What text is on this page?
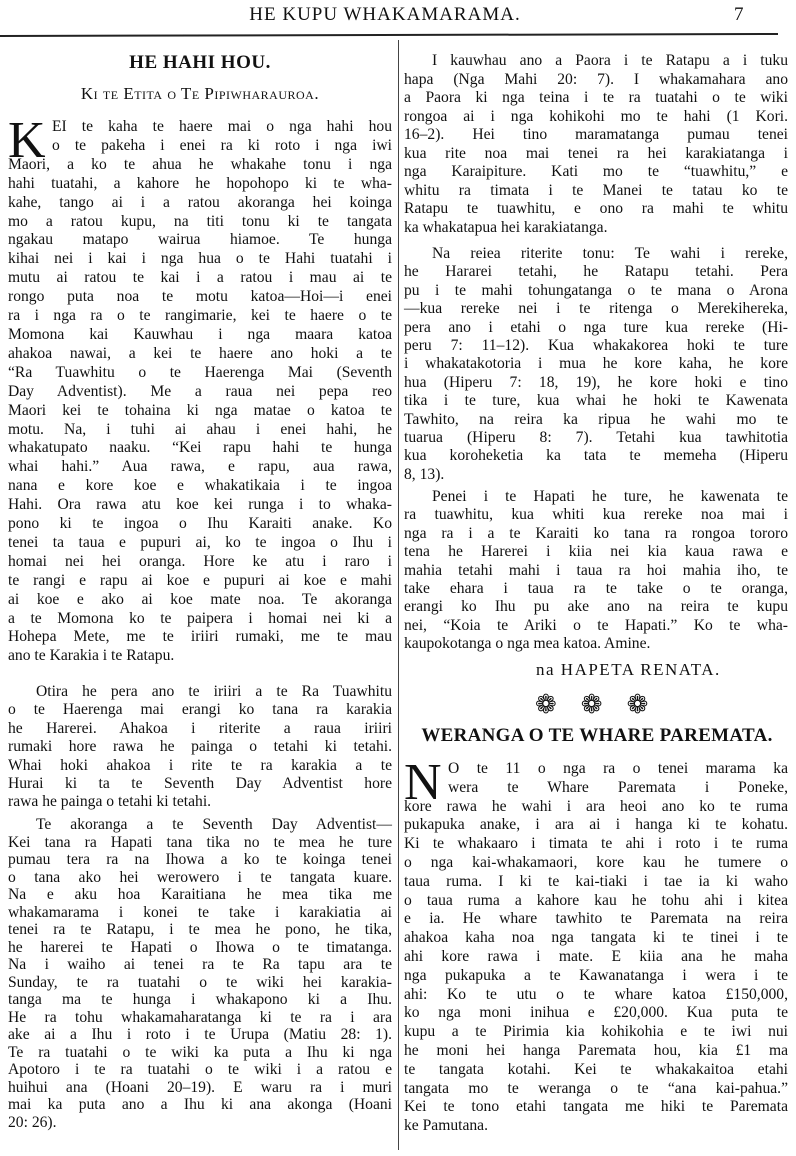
HE KUPU WHAKAMARAMA.	7
HE HAHI HOU.
Ki te Etita o Te Pipiwharauroa.
K EI te kaha te haere mai o nga hahi hou
o te pakeha i enei ra ki roto i nga iwi
Maori, a ko te ahua he whakahe tonu i nga
hahi tuatahi, a kahore he hopohopo ki te wha-
kahe, tango ai i a ratou akoranga hei koinga
mo a ratou kupu, na titi tonu ki te tangata
ngakau matapo wairua hiamoe. Te hunga
kihai nei i kai i nga hua o te Hahi tuatahi i
mutu ai ratou te kai i a ratou i mau ai te
rongo puta noa te motu katoa—Hoi—i enei
ra i nga ra o te rangimarie, kei te haere o te
Momona kai Kauwhau i nga maara katoa
ahakoa nawai, a kei te haere ano hoki a te
“Ra Tuawhitu o te Haerenga Mai (Seventh
Day Adventist). Me a raua nei pepa reo
Maori kei te tohaina ki nga matae o katoa te
motu. Na, i tuhi ai ahau i enei hahi, he
whakatupato naaku. “Kei rapu hahi te hunga
whai hahi.” Aua rawa, e rapu, aua rawa,
nana e kore koe e whakatikaia i te ingoa
Hahi. Ora rawa atu koe kei runga i to whaka-
pono ki te ingoa o Ihu Karaiti anake. Ko
tenei ta taua e pupuri ai, ko te ingoa o Ihu i
homai nei hei oranga. Hore ke atu i raro i
te rangi e rapu ai koe e pupuri ai koe e mahi
ai koe e ako ai koe mate noa. Te akoranga
a te Momona ko te paipera i homai nei ki a
Hohepa Mete, me te iriiri rumaki, me te mau
ano te Karakia i te Ratapu.
Otira he pera ano te iriiri a te Ra Tuawhitu
o te Haerenga mai erangi ko tana ra karakia
he Harerei. Ahakoa i riterite a raua iriiri
rumaki hore rawa he painga o tetahi ki tetahi.
Whai hoki ahakoa i rite te ra karakia a te
Hurai ki ta te Seventh Day Adventist hore
rawa he painga o tetahi ki tetahi.
Te akoranga a te Seventh Day Adventist—
Kei tana ra Hapati tana tika no te mea he ture
pumau tera ra na Ihowa a ko te koinga tenei
o tana ako hei werowero i te tangata kuare.
Na e aku hoa Karaitiana he mea tika me
whakamarama i konei te take i karakiatia ai
tenei ra te Ratapu, i te mea he pono, he tika,
he harerei te Hapati o Ihowa o te timatanga.
Na i waiho ai tenei ra te Ra tapu ara te
Sunday, te ra tuatahi o te wiki hei karakia-
tanga ma te hunga i whakapono ki a Ihu.
He ra tohu whakamaharatanga ki te ra i ara
ake ai a Ihu i roto i te Urupa (Matiu 28: 1).
Te ra tuatahi o te wiki ka puta a Ihu ki nga
Apotoro i te ra tuatahi o te wiki i a ratou e
huihui ana (Hoani 20–19). E waru ra i muri
mai ka puta ano a Ihu ki ana akonga (Hoani
20: 26).
I kauwhau ano a Paora i te Ratapu a i tuku
hapa (Nga Mahi 20: 7). I whakamahara ano
a Paora ki nga teina i te ra tuatahi o te wiki
rongoa ai i nga kohikohi mo te hahi (1 Kori.
16–2). Hei tino maramatanga pumau tenei
kua rite noa mai tenei ra hei karakiatanga i
nga Karaipiture. Kati mo te “tuawhitu,” e
whitu ra timata i te Manei te tatau ko te
Ratapu te tuawhitu, e ono ra mahi te whitu
ka whakatapua hei karakiatanga.
Na reiea riterite tonu: Te wahi i rereke,
he Hararei tetahi, he Ratapu tetahi. Pera
pu i te mahi tohungatanga o te mana o Arona
—kua rereke nei i te ritenga o Merekihereka,
pera ano i etahi o nga ture kua rereke (Hi-
peru 7: 11–12). Kua whakakorea hoki te ture
i whakatakotoria i mua he kore kaha, he kore
hua (Hiperu 7: 18, 19), he kore hoki e tino
tika i te ture, kua whai he hoki te Kawenata
Tawhito, na reira ka ripua he wahi mo te
tuarua (Hiperu 8: 7). Tetahi kua tawhitotia
kua koroheketia ka tata te memeha (Hiperu
8, 13).
Penei i te Hapati he ture, he kawenata te
ra tuawhitu, kua whiti kua rereke noa mai i
nga ra i a te Karaiti ko tana ra rongoa tororo
tena he Harerei i kiia nei kia kaua rawa e
mahia tetahi mahi i taua ra hoi mahia iho, te
take ehara i taua ra te take o te oranga,
erangi ko Ihu pu ake ano na reira te kupu
nei, “Koia te Ariki o te Hapati.” Ko te wha-
kaupokotanga o nga mea katoa. Amine.
na HAPETA RENATA.
❁❁❁
WERANGA O TE WHARE PAREMATA.
N O te 11 o nga ra o tenei marama ka
wera te Whare Paremata i Poneke,
kore rawa he wahi i ara heoi ano ko te ruma
pukapuka anake, i ara ai i hanga ki te kohatu.
Ki te whakaaro i timata te ahi i roto i te ruma
o nga kai-whakamaori, kore kau he tumere o
taua ruma. I ki te kai-tiaki i tae ia ki waho
o taua ruma a kahore kau he tohu ahi i kitea
e ia. He whare tawhito te Paremata na reira
ahakoa kaha noa nga tangata ki te tinei i te
ahi kore rawa i mate. E kiia ana he maha
nga pukapuka a te Kawanatanga i wera i te
ahi: Ko te utu o te whare katoa £150,000,
ko nga moni inihua e £20,000. Kua puta te
kupu a te Pirimia kia kohikohia e te iwi nui
he moni hei hanga Paremata hou, kia £1 ma
te tangata kotahi. Kei te whakakaitoa etahi
tangata mo te weranga o te “ana kai-pahua.”
Kei te tono etahi tangata me hiki te Paremata
ke Pamutana.
